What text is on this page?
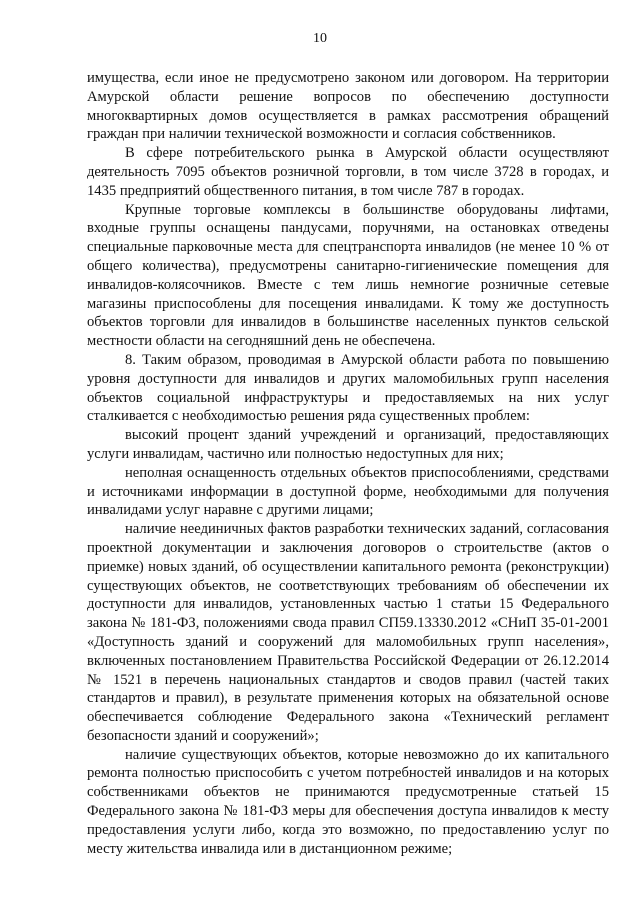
10

имущества, если иное не предусмотрено законом или договором. На территории Амурской области решение вопросов по обеспечению доступности многоквартирных домов осуществляется в рамках рассмотрения обращений граждан при наличии технической возможности и согласия собственников.

В сфере потребительского рынка в Амурской области осуществляют деятельность 7095 объектов розничной торговли, в том числе 3728 в городах, и 1435 предприятий общественного питания, в том числе 787 в городах.

Крупные торговые комплексы в большинстве оборудованы лифтами, входные группы оснащены пандусами, поручнями, на остановках отведены специальные парковочные места для спецтранспорта инвалидов (не менее 10 % от общего количества), предусмотрены санитарно-гигиенические помещения для инвалидов-колясочников. Вместе с тем лишь немногие розничные сетевые магазины приспособлены для посещения инвалидами. К тому же доступность объектов торговли для инвалидов в большинстве населенных пунктов сельской местности области на сегодняшний день не обеспечена.

8. Таким образом, проводимая в Амурской области работа по повышению уровня доступности для инвалидов и других маломобильных групп населения объектов социальной инфраструктуры и предоставляемых на них услуг сталкивается с необходимостью решения ряда существенных проблем:

высокий процент зданий учреждений и организаций, предоставляющих услуги инвалидам, частично или полностью недоступных для них;

неполная оснащенность отдельных объектов приспособлениями, средствами и источниками информации в доступной форме, необходимыми для получения инвалидами услуг наравне с другими лицами;

наличие неединичных фактов разработки технических заданий, согласования проектной документации и заключения договоров о строительстве (актов о приемке) новых зданий, об осуществлении капитального ремонта (реконструкции) существующих объектов, не соответствующих требованиям об обеспечении их доступности для инвалидов, установленных частью 1 статьи 15 Федерального закона № 181-ФЗ, положениями свода правил СП59.13330.2012 «СНиП 35-01-2001 «Доступность зданий и сооружений для маломобильных групп населения», включенных постановлением Правительства Российской Федерации от 26.12.2014 № 1521 в перечень национальных стандартов и сводов правил (частей таких стандартов и правил), в результате применения которых на обязательной основе обеспечивается соблюдение Федерального закона «Технический регламент безопасности зданий и сооружений»;

наличие существующих объектов, которые невозможно до их капитального ремонта полностью приспособить с учетом потребностей инвалидов и на которых собственниками объектов не принимаются предусмотренные статьей 15 Федерального закона № 181-ФЗ меры для обеспечения доступа инвалидов к месту предоставления услуги либо, когда это возможно, по предоставлению услуг по месту жительства инвалида или в дистанционном режиме;
